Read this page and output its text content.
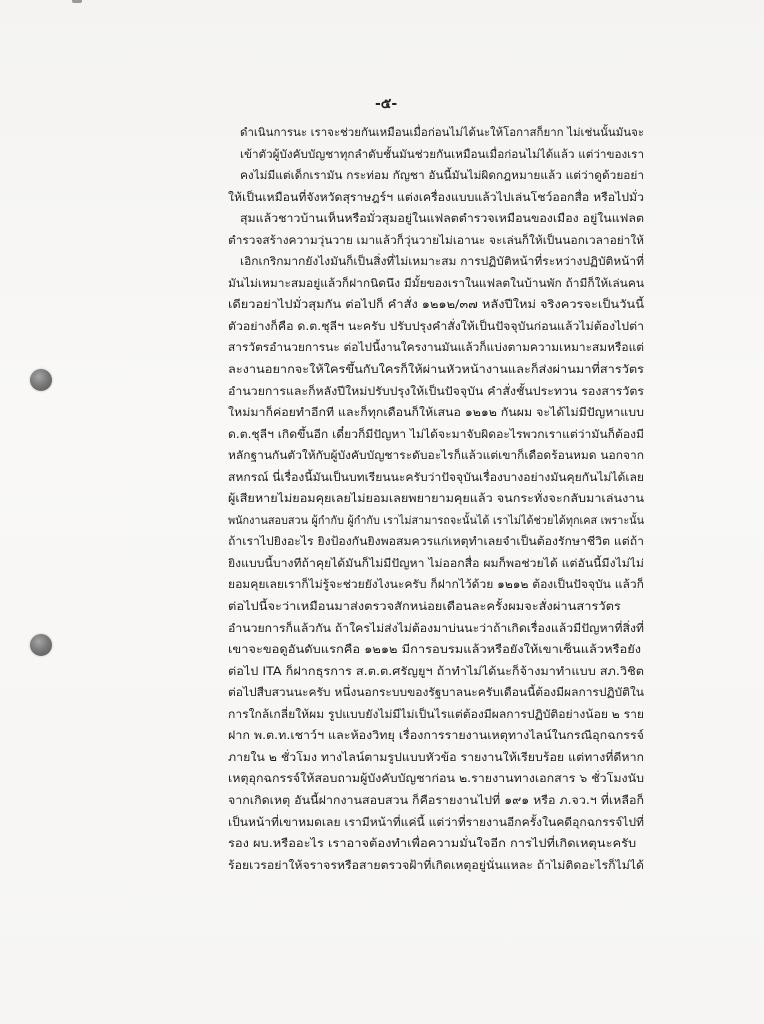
-๕-
ดำเนินการนะ เราจะช่วยกันเหมือนเมื่อก่อนไม่ได้นะให้โอกาสก็ยาก ไม่เช่นนั้นมันจะ
เข้าตัวผู้บังคับบัญชาทุกลำดับชั้นมันช่วยกันเหมือนเมื่อก่อนไม่ได้แล้ว แต่ว่าของเรา
คงไม่มีแต่เด็กเรามัน กระท่อม กัญชา อันนี้มันไม่ผิดกฎหมายแล้ว แต่ว่าดูด้วยอย่า
ให้เป็นเหมือนที่จังหวัดสุราษฎร์ฯ แต่งเครื่องแบบแล้วไปเล่นโชว์ออกสื่อ หรือไปมั่ว
สุมแล้วชาวบ้านเห็นหรือมั่วสุมอยู่ในแฟลตตำรวจเหมือนของเมือง อยู่ในแฟลต
ตำรวจสร้างความวุ่นวาย เมาแล้วก็วุ่นวายไม่เอานะ จะเล่นก็ให้เป็นนอกเวลาอย่าให้
เอิกเกริกมากยังไงมันก็เป็นสิ่งที่ไม่เหมาะสม การปฏิบัติหน้าที่ระหว่างปฏิบัติหน้าที่
มันไม่เหมาะสมอยู่แล้วก็ฝากนิดนึง มีมั้ยของเราในแฟลตในบ้านพัก ถ้ามีก็ให้เล่นคน
เดียวอย่าไปมั่วสุมกัน ต่อไปก็ คำสั่ง ๑๒๑๒/๓๗ หลังปีใหม่ จริงควรจะเป็นวันนี้
ตัวอย่างก็คือ ด.ต.ชุลีฯ นะครับ ปรับปรุงคำสั่งให้เป็นปัจจุบันก่อนแล้วไม่ต้องไปต่า
สารวัตรอำนวยการนะ ต่อไปนี้งานใครงานมันแล้วก็แบ่งตามความเหมาะสมหรือแต่
ละงานอยากจะให้ใครขึ้นกับใครก็ให้ผ่านหัวหน้างานและก็ส่งผ่านมาที่สารวัตร
อำนวยการและก็หลังปีใหม่ปรับปรุงให้เป็นปัจจุบัน คำสั่งชั้นประทวน รองสารวัตร
ใหม่มาก็ค่อยทำอีกที และก็ทุกเดือนก็ให้เสนอ ๑๒๑๒ กันผม จะได้ไม่มีปัญหาแบบ
ด.ต.ชุลีฯ เกิดขึ้นอีก เดี๋ยวก็มีปัญหา ไม่ได้จะมาจับผิดอะไรพวกเราแต่ว่ามันก็ต้องมี
หลักฐานกันตัวให้กับผู้บังคับบัญชาระดับอะไรก็แล้วแต่เขาก็เดือดร้อนหมด นอกจาก
สหกรณ์ นี่เรื่องนี้มันเป็นบทเรียนนะครับว่าปัจจุบันเรื่องบางอย่างมันคุยกันไม่ได้เลย
ผู้เสียหายไม่ยอมคุยเลยไม่ยอมเลยพยายามคุยแล้ว จนกระทั่งจะกลับมาเล่นงาน
พนักงานสอบสวน ผู้กำกับ ผู้กำกับ เราไม่สามารถจะนั้นได้ เราไม่ได้ช่วยได้ทุกเคส เพราะนั้น
ถ้าเราไปยิงอะไร ยิงป้องกันยิงพอสมควรแก่เหตุทำเลยจำเป็นต้องรักษาชีวิต แต่ถ้า
ยิงแบบนี้บางทีถ้าคุยได้มันก็ไม่มีปัญหา ไม่ออกสื่อ ผมก็พอช่วยได้ แต่อันนี้มีงไม่ไม่
ยอมคุยเลยเราก็ไม่รู้จะช่วยยังไงนะครับ ก็ฝากไว้ด้วย ๑๒๑๒ ต้องเป็นปัจจุบัน แล้วก็
ต่อไปนี้จะว่าเหมือนมาส่งตรวจสักหน่อยเดือนละครั้งผมจะสั่งผ่านสารวัตร
อำนวยการก็แล้วกัน ถ้าใครไม่ส่งไม่ต้องมาบ่นนะว่าถ้าเกิดเรื่องแล้วมีปัญหาที่สิ่งที่
เขาจะขอดูอันดับแรกคือ ๑๒๑๒ มีการอบรมแล้วหรือยังให้เขาเซ็นแล้วหรือยัง
ต่อไป ITA ก็ฝากธุรการ ส.ต.ต.ศรัญยูฯ ถ้าทำไม่ได้นะก็จ้างมาทำแบบ สภ.วิชิต
ต่อไปสืบสวนนะครับ หนึ่งนอกระบบของรัฐบาลนะครับเดือนนี้ต้องมีผลการปฏิบัติใน
การใกล้เกลี่ยให้ผม รูปแบบยังไม่มีไม่เป็นไรแต่ต้องมีผลการปฏิบัติอย่างน้อย ๒ ราย
ฝาก พ.ต.ท.เชาว์ฯ และห้องวิทยุ เรื่องการรายงานเหตุทางไลน์ในกรณีอุกฉกรรจ์
ภายใน ๒ ชั่วโมง ทางไลน์ตามรูปแบบหัวข้อ รายงานให้เรียบร้อย แต่ทางที่ดีหาก
เหตุอุกฉกรรจ์ให้สอบถามผู้บังคับบัญชาก่อน ๒.รายงานทางเอกสาร ๖ ชั่วโมงนับ
จากเกิดเหตุ อันนี้ฝากงานสอบสวน ก็คือรายงานไปที่ ๑๙๑ หรือ ภ.จว.ฯ ที่เหลือก็
เป็นหน้าที่เขาหมดเลย เรามีหน้าที่แค่นี้ แต่ว่าที่รายงานอีกครั้งในคดีอุกฉกรรจ์ไปที่
รอง ผบ.หรืออะไร เราอาจต้องทำเพื่อความมั่นใจอีก การไปที่เกิดเหตุนะครับ
ร้อยเวรอย่าให้จราจรหรือสายตรวจฝ้าที่เกิดเหตุอยู่นั่นแหละ ถ้าไม่ติดอะไรก็ไม่ได้
